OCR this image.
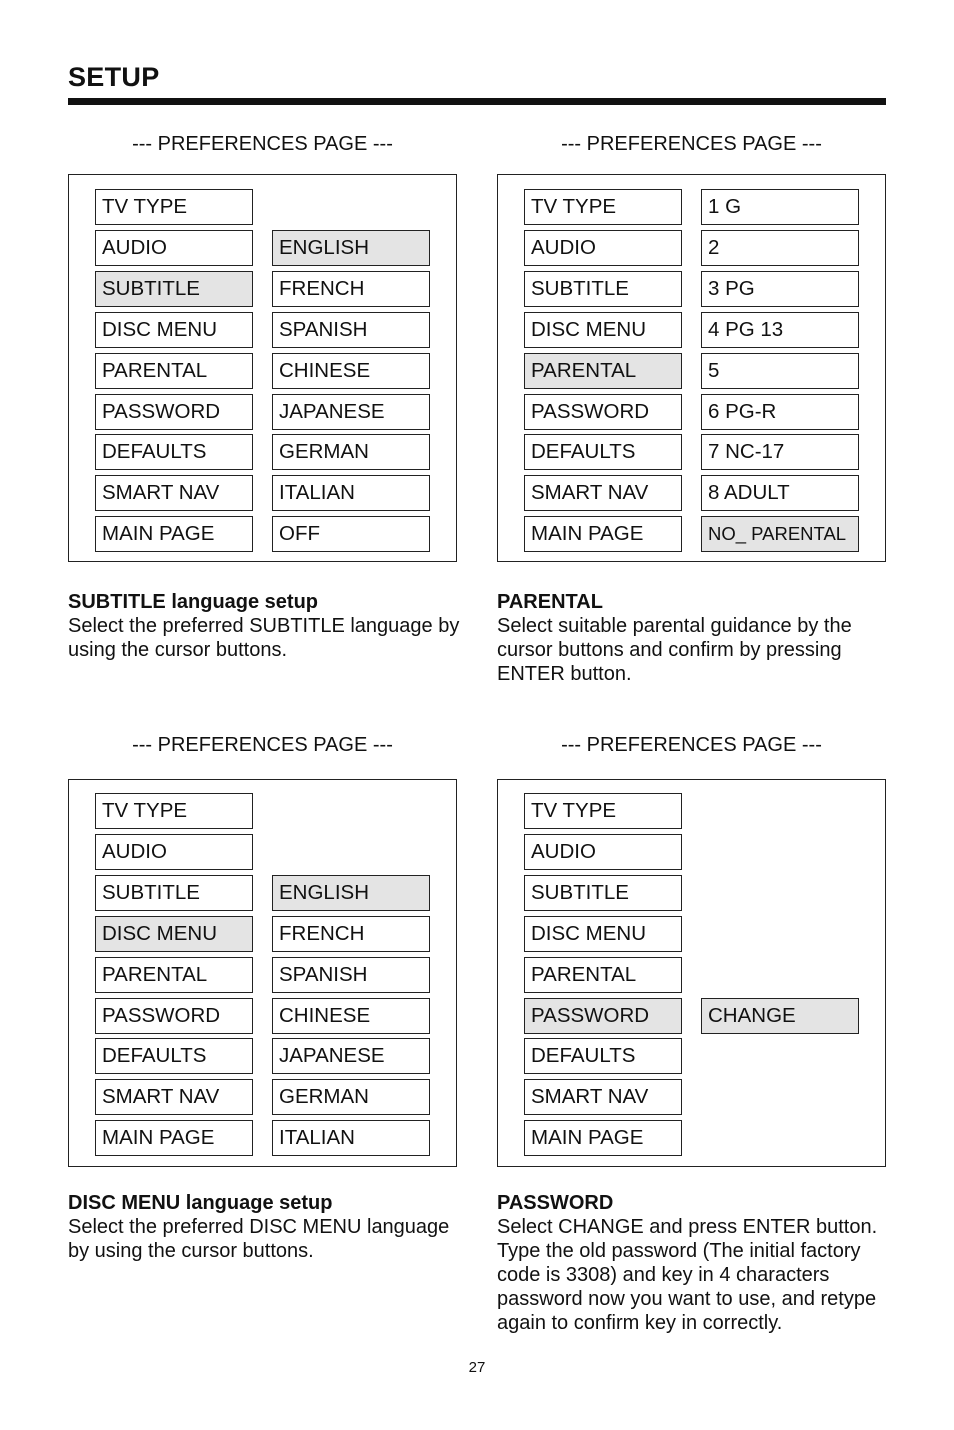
SETUP
--- PREFERENCES PAGE ---
SUBTITLE language setup
Select the preferred SUBTITLE language by using the cursor buttons.
TV TYPE
AUDIO
SUBTITLE
DISC MENU
PARENTAL
PASSWORD
DEFAULTS
SMART NAV
MAIN PAGE
ENGLISH
FRENCH
SPANISH
CHINESE
JAPANESE
GERMAN
ITALIAN
OFF
--- PREFERENCES PAGE ---
PARENTAL
Select suitable parental guidance by the cursor buttons and confirm by pressing ENTER button.
TV TYPE
AUDIO
SUBTITLE
DISC MENU
PARENTAL
PASSWORD
DEFAULTS
SMART NAV
MAIN PAGE
1 G
2
3 PG
4 PG 13
5
6 PG-R
7 NC-17
8 ADULT
NO_ PARENTAL
--- PREFERENCES PAGE ---
DISC MENU language setup
Select the preferred DISC MENU language by using the cursor buttons.
TV TYPE
AUDIO
SUBTITLE
DISC MENU
PARENTAL
PASSWORD
DEFAULTS
SMART NAV
MAIN PAGE
ENGLISH
FRENCH
SPANISH
CHINESE
JAPANESE
GERMAN
ITALIAN
--- PREFERENCES PAGE ---
PASSWORD
Select CHANGE and press ENTER button. Type the old password (The initial factory code is 3308) and key in 4 characters password now you want to use, and retype again to confirm key in correctly.
TV TYPE
AUDIO
SUBTITLE
DISC MENU
PARENTAL
PASSWORD
DEFAULTS
SMART NAV
MAIN PAGE
CHANGE
27
